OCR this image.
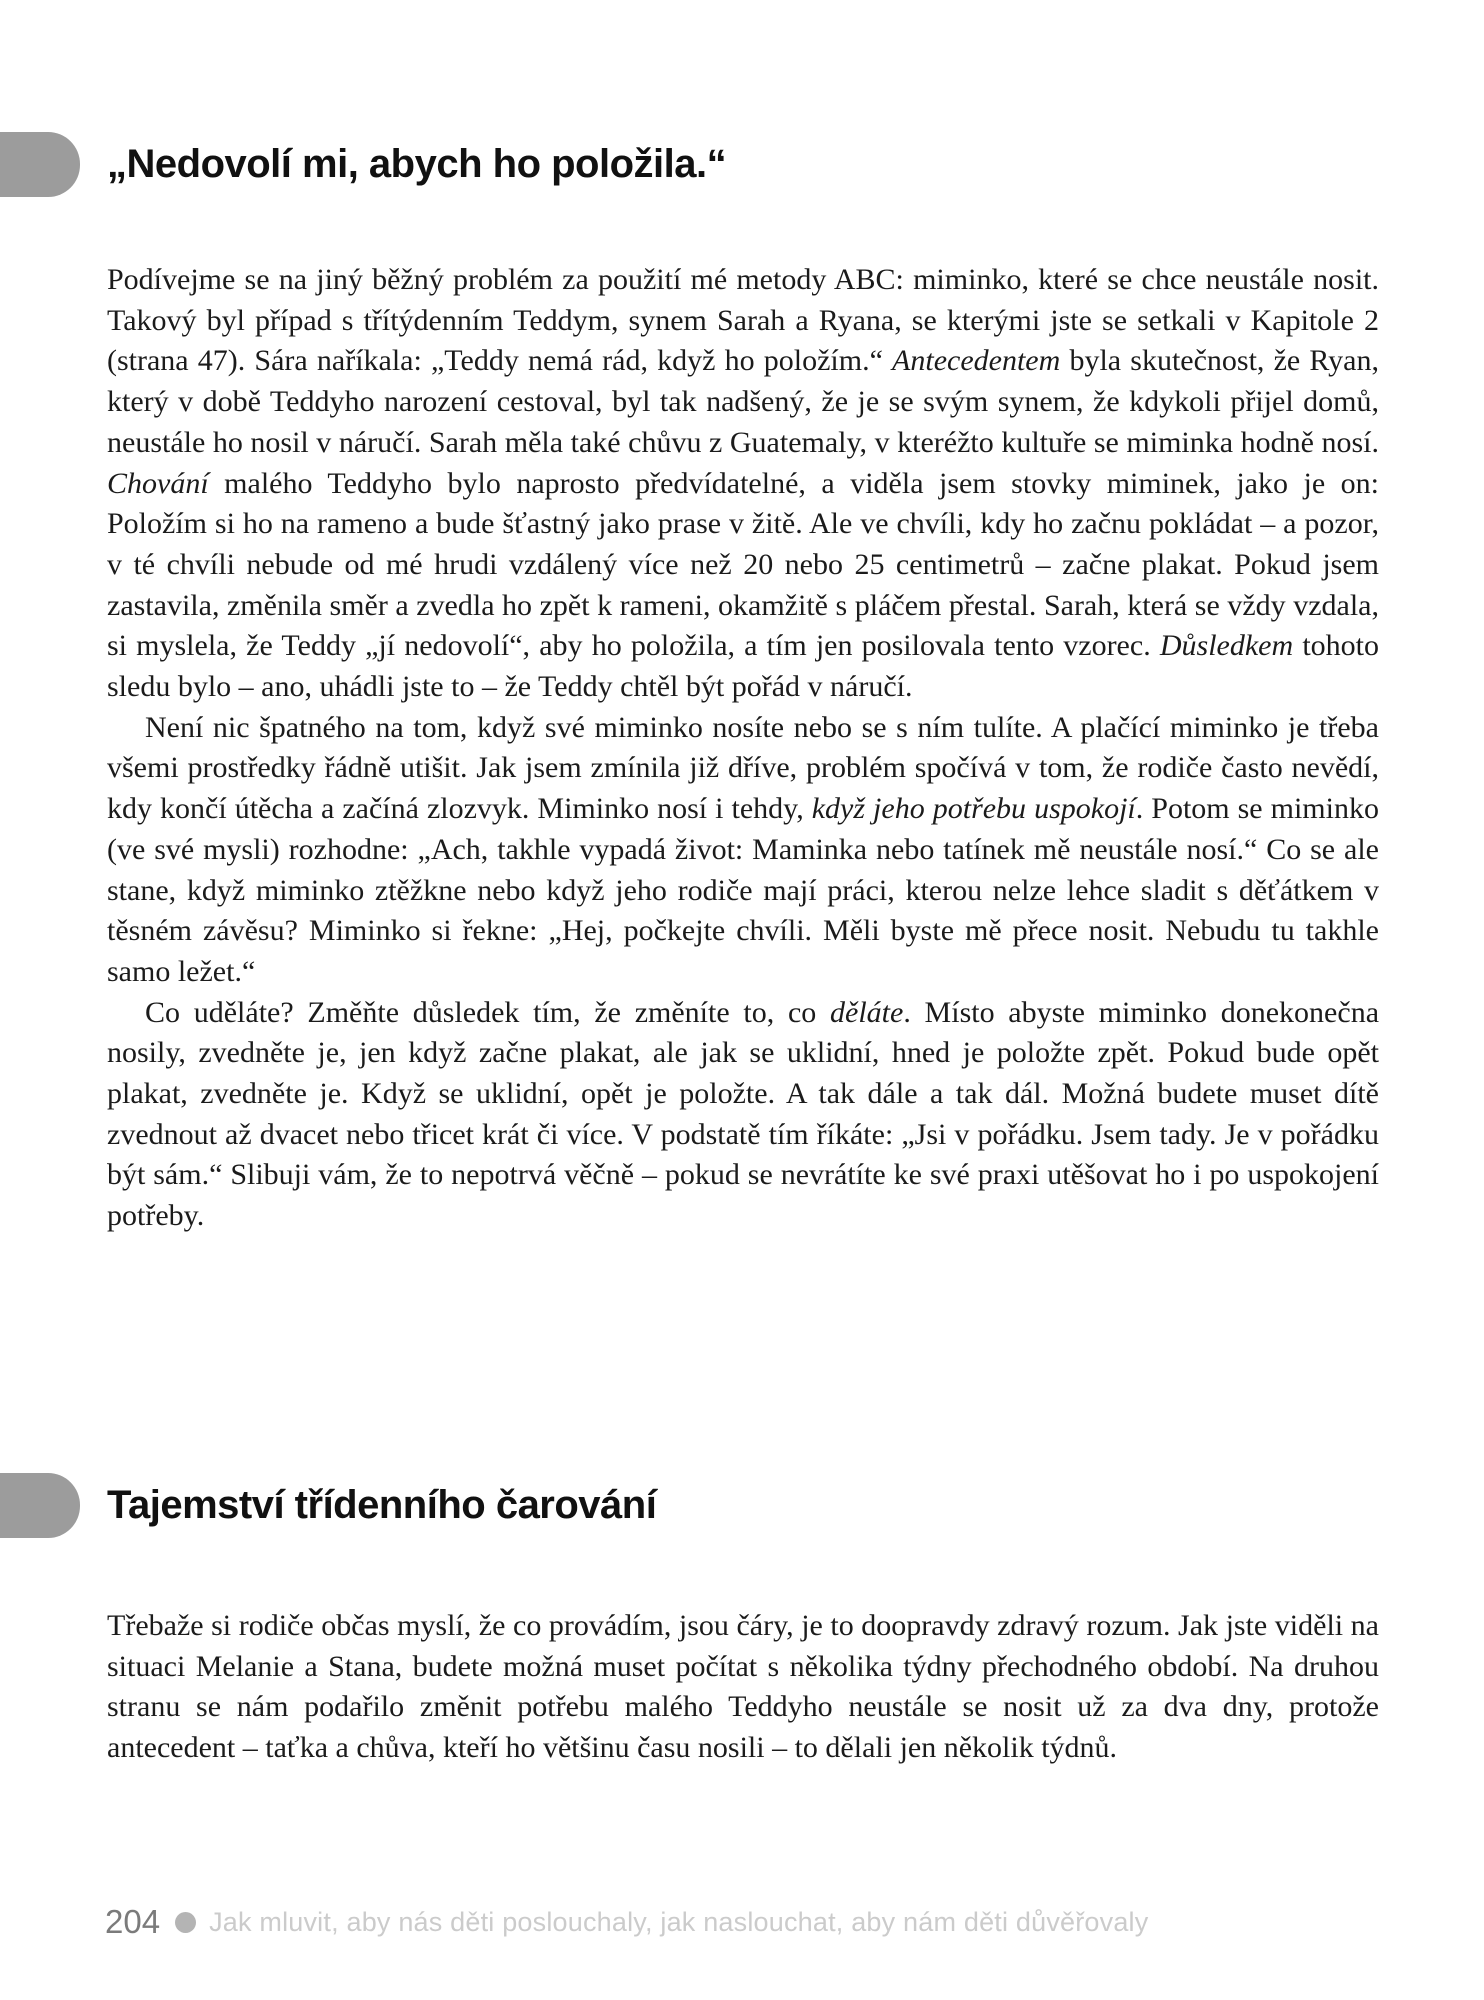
„Nedovolí mi, abych ho položila.“

Podívejme se na jiný běžný problém za použití mé metody ABC: miminko, které se chce neustále nosit. Takový byl případ s třítýdenním Teddym, synem Sarah a Ryana, se kterými jste se setkali v Kapitole 2 (strana 47). Sára naříkala: „Teddy nemá rád, když ho položím.“ Antecedentem byla skutečnost, že Ryan, který v době Teddyho narození cestoval, byl tak nadšený, že je se svým synem, že kdykoli přijel domů, neustále ho nosil v náručí. Sarah měla také chůvu z Guatemaly, v kteréžto kultuře se miminka hodně nosí. Chování malého Teddyho bylo naprosto předvídatelné, a viděla jsem stovky miminek, jako je on: Položím si ho na rameno a bude šťastný jako prase v žitě. Ale ve chvíli, kdy ho začnu pokládat – a pozor, v té chvíli nebude od mé hrudi vzdálený více než 20 nebo 25 centimetrů – začne plakat. Pokud jsem zastavila, změnila směr a zvedla ho zpět k rameni, okamžitě s pláčem přestal. Sarah, která se vždy vzdala, si myslela, že Teddy „jí nedovolí“, aby ho položila, a tím jen posilovala tento vzorec. Důsledkem tohoto sledu bylo – ano, uhádli jste to – že Teddy chtěl být pořád v náručí.

Není nic špatného na tom, když své miminko nosíte nebo se s ním tulíte. A plačící miminko je třeba všemi prostředky řádně utišit. Jak jsem zmínila již dříve, problém spočívá v tom, že rodiče často nevědí, kdy končí útěcha a začíná zlozvyk. Miminko nosí i tehdy, když jeho potřebu uspokojí. Potom se miminko (ve své mysli) rozhodne: „Ach, takhle vypadá život: Maminka nebo tatínek mě neustále nosí.“ Co se ale stane, když miminko ztěžkne nebo když jeho rodiče mají práci, kterou nelze lehce sladit s děťátkem v těsném závěsu? Miminko si řekne: „Hej, počkejte chvíli. Měli byste mě přece nosit. Nebudu tu takhle samo ležet.“

Co uděláte? Změňte důsledek tím, že změníte to, co děláte. Místo abyste miminko donekonečna nosily, zvedněte je, jen když začne plakat, ale jak se uklidní, hned je položte zpět. Pokud bude opět plakat, zvedněte je. Když se uklidní, opět je položte. A tak dále a tak dál. Možná budete muset dítě zvednout až dvacet nebo třicet krát či více. V podstatě tím říkáte: „Jsi v pořádku. Jsem tady. Je v pořádku být sám.“ Slibuji vám, že to nepotrvá věčně – pokud se nevrátíte ke své praxi utěšovat ho i po uspokojení potřeby.

Tajemství třídenního čarování

Třebaže si rodiče občas myslí, že co provádím, jsou čáry, je to doopravdy zdravý rozum. Jak jste viděli na situaci Melanie a Stana, budete možná muset počítat s několika týdny přechodného období. Na druhou stranu se nám podařilo změnit potřebu malého Teddyho neustále se nosit už za dva dny, protože antecedent – taťka a chůva, kteří ho většinu času nosili – to dělali jen několik týdnů.

204 Jak mluvit, aby nás děti poslouchaly, jak naslouchat, aby nám děti důvěřovaly
